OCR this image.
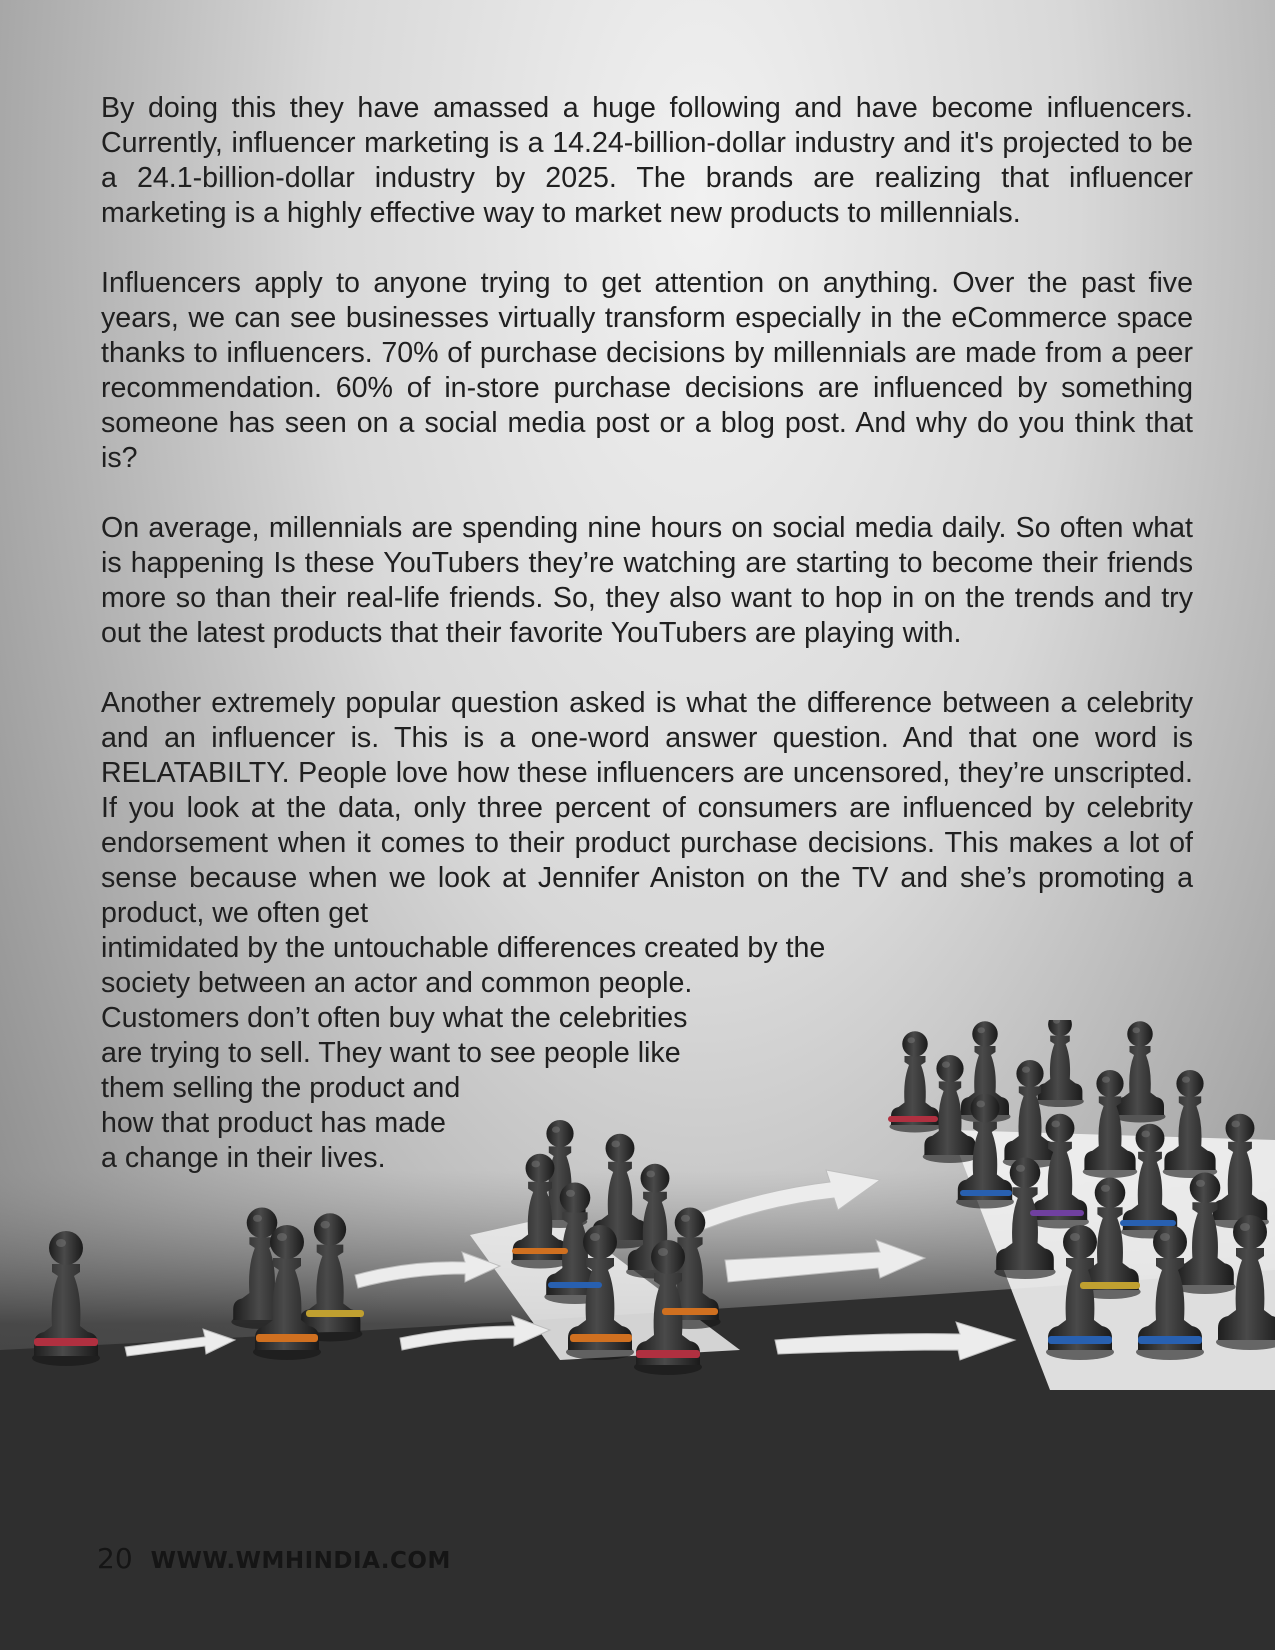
By doing this they have amassed a huge following and have become influencers. Currently, influencer marketing is a 14.24-billion-dollar industry and it's projected to be a 24.1-billion-dollar industry by 2025. The brands are realizing that influencer marketing is a highly effective way to market new products to millennials.

Influencers apply to anyone trying to get attention on anything. Over the past five years, we can see businesses virtually transform especially in the eCommerce space thanks to influencers. 70% of purchase decisions by millennials are made from a peer recommendation. 60% of in-store purchase decisions are influenced by something someone has seen on a social media post or a blog post. And why do you think that is?

On average, millennials are spending nine hours on social media daily. So often what is happening Is these YouTubers they’re watching are starting to become their friends more so than their real-life friends. So, they also want to hop in on the trends and try out the latest products that their favorite YouTubers are playing with.

Another extremely popular question asked is what the difference between a celebrity and an influencer is. This is a one-word answer question. And that one word is RELATABILTY. People love how these influencers are uncensored, they’re unscripted. If you look at the data, only three percent of consumers are influenced by celebrity endorsement when it comes to their product purchase decisions. This makes a lot of sense because when we look at Jennifer Aniston on the TV and she’s promoting a product, we often get

intimidated by the untouchable differences created by the
society between an actor and common people.
Customers don’t often buy what the celebrities
are trying to sell. They want to see people like
them selling the product and
how that product has made
a change in their lives.
20 WWW.WMHINDIA.COM
